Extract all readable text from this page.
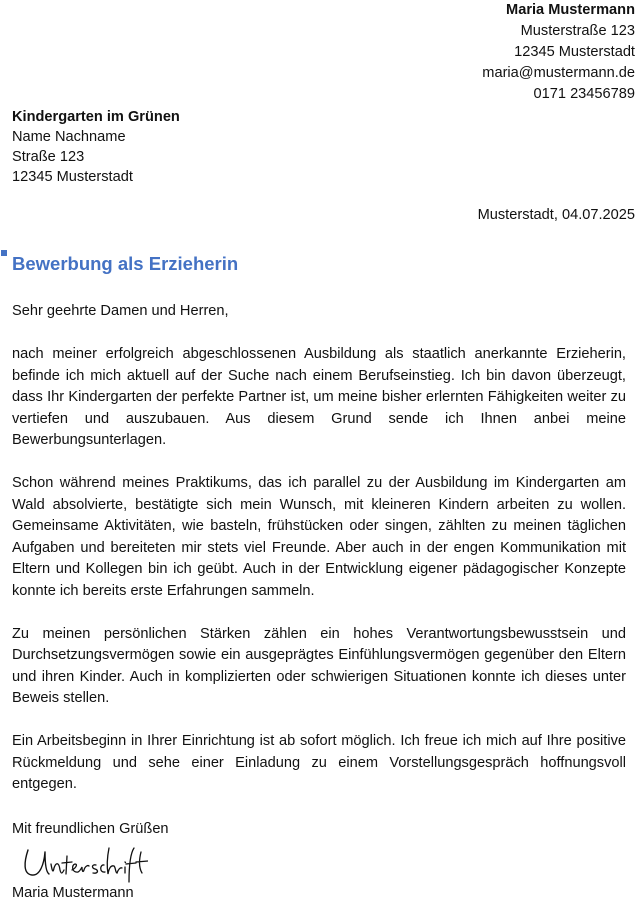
Maria Mustermann
Musterstraße 123
12345 Musterstadt
maria@mustermann.de
0171 23456789
Kindergarten im Grünen
Name Nachname
Straße 123
12345 Musterstadt
Musterstadt, 04.07.2025
Bewerbung als Erzieherin

Sehr geehrte Damen und Herren,

nach meiner erfolgreich abgeschlossenen Ausbildung als staatlich anerkannte Erzieherin, befinde ich mich aktuell auf der Suche nach einem Berufseinstieg. Ich bin davon überzeugt, dass Ihr Kindergarten der perfekte Partner ist, um meine bisher erlernten Fähigkeiten weiter zu vertiefen und auszubauen. Aus diesem Grund sende ich Ihnen anbei meine Bewerbungsunterlagen.

Schon während meines Praktikums, das ich parallel zu der Ausbildung im Kindergarten am Wald absolvierte, bestätigte sich mein Wunsch, mit kleineren Kindern arbeiten zu wollen. Gemeinsame Aktivitäten, wie basteln, frühstücken oder singen, zählten zu meinen täglichen Aufgaben und bereiteten mir stets viel Freunde. Aber auch in der engen Kommunikation mit Eltern und Kollegen bin ich geübt. Auch in der Entwicklung eigener pädagogischer Konzepte konnte ich bereits erste Erfahrungen sammeln.

Zu meinen persönlichen Stärken zählen ein hohes Verantwortungsbewusstsein und Durchsetzungsvermögen sowie ein ausgeprägtes Einfühlungsvermögen gegenüber den Eltern und ihren Kinder. Auch in komplizierten oder schwierigen Situationen konnte ich dieses unter Beweis stellen.

Ein Arbeitsbeginn in Ihrer Einrichtung ist ab sofort möglich. Ich freue ich mich auf Ihre positive Rückmeldung und sehe einer Einladung zu einem Vorstellungsgespräch hoffnungsvoll entgegen.

Mit freundlichen Grüßen
Maria Mustermann
